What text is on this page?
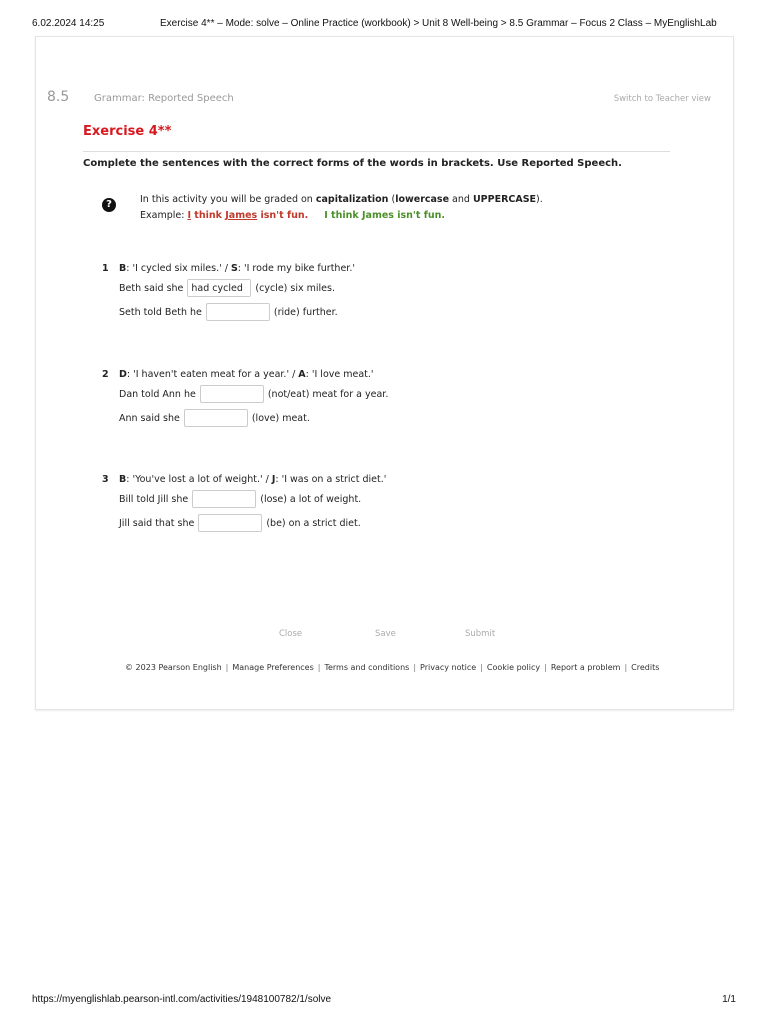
6.02.2024 14:25	Exercise 4** – Mode: solve – Online Practice (workbook) > Unit 8 Well-being > 8.5 Grammar – Focus 2 Class – MyEnglishLab
8.5 Grammar: Reported Speech	Switch to Teacher view
Exercise 4**
Complete the sentences with the correct forms of the words in brackets. Use Reported Speech.
?	In this activity you will be graded on capitalization (lowercase and UPPERCASE).
Example: I think James isn't fun. I think James isn't fun.
1 B: 'I cycled six miles.' / S: 'I rode my bike further.'
Beth said she
had cycled	(cycle) six miles.
Seth told Beth he	(ride) further.
2 D: 'I haven't eaten meat for a year.' / A: 'I love meat.'
Dan told Ann he	(not/eat) meat for a year.
Ann said she	(love) meat.
3 B: 'You've lost a lot of weight.' / J: 'I was on a strict diet.'
Bill told Jill she	(lose) a lot of weight.
Jill said that she	(be) on a strict diet.
Close	Save	Submit
© 2023 Pearson English | Manage Preferences | Terms and conditions | Privacy notice | Cookie policy | Report a problem | Credits
https://myenglishlab.pearson-intl.com/activities/1948100782/1/solve	1/1
